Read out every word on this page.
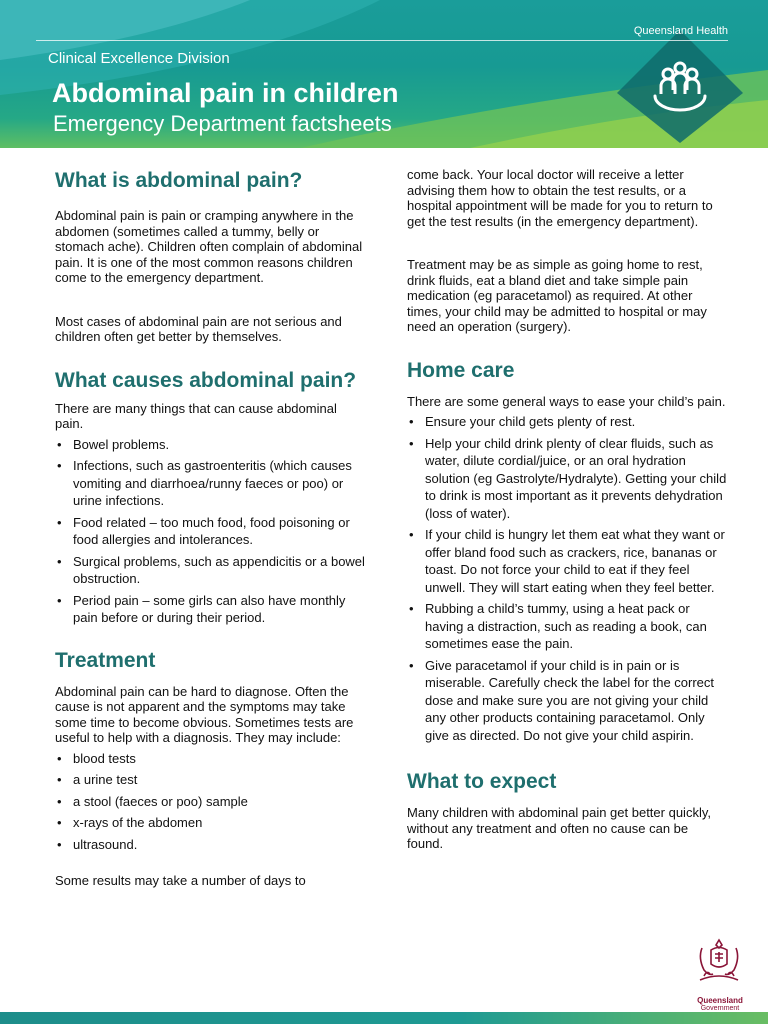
Queensland Health
Clinical Excellence Division
Abdominal pain in children
Emergency Department factsheets
What is abdominal pain?

Abdominal pain is pain or cramping anywhere in the abdomen (sometimes called a tummy, belly or stomach ache). Children often complain of abdominal pain. It is one of the most common reasons children come to the emergency department.

Most cases of abdominal pain are not serious and children often get better by themselves.

What causes abdominal pain?

There are many things that can cause abdominal pain.

• Bowel problems.
• Infections, such as gastroenteritis (which causes vomiting and diarrhoea/runny faeces or poo) or urine infections.
• Food related – too much food, food poisoning or food allergies and intolerances.
• Surgical problems, such as appendicitis or a bowel obstruction.
• Period pain – some girls can also have monthly pain before or during their period.
Treatment

Abdominal pain can be hard to diagnose. Often the cause is not apparent and the symptoms may take some time to become obvious. Sometimes tests are useful to help with a diagnosis. They may include:

• blood tests
• a urine test
• a stool (faeces or poo) sample
• x-rays of the abdomen
• ultrasound.

Some results may take a number of days to

come back. Your local doctor will receive a letter advising them how to obtain the test results, or a hospital appointment will be made for you to return to get the test results (in the emergency department).

Treatment may be as simple as going home to rest, drink fluids, eat a bland diet and take simple pain medication (eg paracetamol) as required. At other times, your child may be admitted to hospital or may need an operation (surgery).

Home care

There are some general ways to ease your child’s pain.

• Ensure your child gets plenty of rest.
• Help your child drink plenty of clear fluids, such as water, dilute cordial/juice, or an oral hydration solution (eg Gastrolyte/Hydralyte). Getting your child to drink is most important as it prevents dehydration (loss of water).
• If your child is hungry let them eat what they want or offer bland food such as crackers, rice, bananas or toast. Do not force your child to eat if they feel unwell. They will start eating when they feel better.
• Rubbing a child’s tummy, using a heat pack or having a distraction, such as reading a book, can sometimes ease the pain.
• Give paracetamol if your child is in pain or is miserable. Carefully check the label for the correct dose and make sure you are not giving your child any other products containing paracetamol. Only give as directed. Do not give your child aspirin.
What to expect

Many children with abdominal pain get better quickly, without any treatment and often no cause can be found.

Queensland
Government
